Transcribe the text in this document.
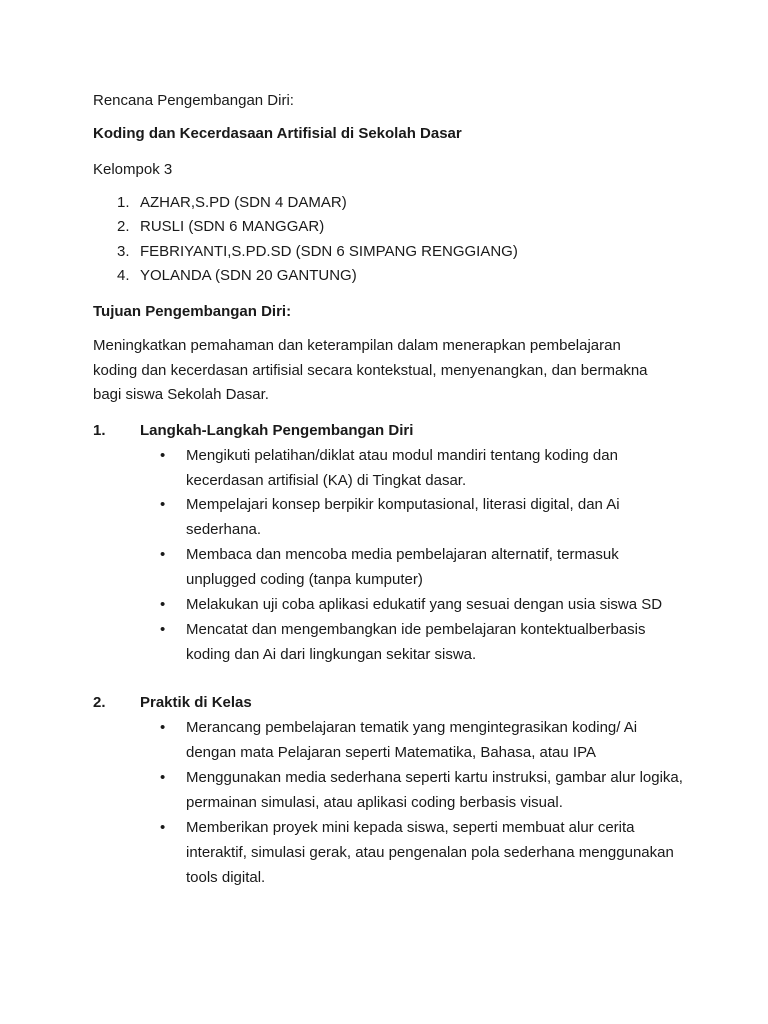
Rencana Pengembangan Diri:
Koding dan Kecerdasaan Artifisial di Sekolah Dasar
Kelompok 3
1. AZHAR,S.PD (SDN 4 DAMAR)
2. RUSLI (SDN 6 MANGGAR)
3. FEBRIYANTI,S.PD.SD (SDN 6 SIMPANG RENGGIANG)
4. YOLANDA (SDN 20 GANTUNG)
Tujuan Pengembangan Diri:
Meningkatkan pemahaman dan keterampilan dalam menerapkan pembelajaran
koding dan kecerdasan artifisial secara kontekstual, menyenangkan, dan bermakna
bagi siswa Sekolah Dasar.
1. Langkah-Langkah Pengembangan Diri
• Mengikuti pelatihan/diklat atau modul mandiri tentang koding dan kecerdasan artifisial (KA) di Tingkat dasar.
• Mempelajari konsep berpikir komputasional, literasi digital, dan Ai sederhana.
• Membaca dan mencoba media pembelajaran alternatif, termasuk unplugged coding (tanpa kumputer)
• Melakukan uji coba aplikasi edukatif yang sesuai dengan usia siswa SD
• Mencatat dan mengembangkan ide pembelajaran kontektualberbasis koding dan Ai dari lingkungan sekitar siswa.
2. Praktik di Kelas
• Merancang pembelajaran tematik yang mengintegrasikan koding/ Ai dengan mata Pelajaran seperti Matematika, Bahasa, atau IPA
• Menggunakan media sederhana seperti kartu instruksi, gambar alur logika, permainan simulasi, atau aplikasi coding berbasis visual.
• Memberikan proyek mini kepada siswa, seperti membuat alur cerita interaktif, simulasi gerak, atau pengenalan pola sederhana menggunakan tools digital.
